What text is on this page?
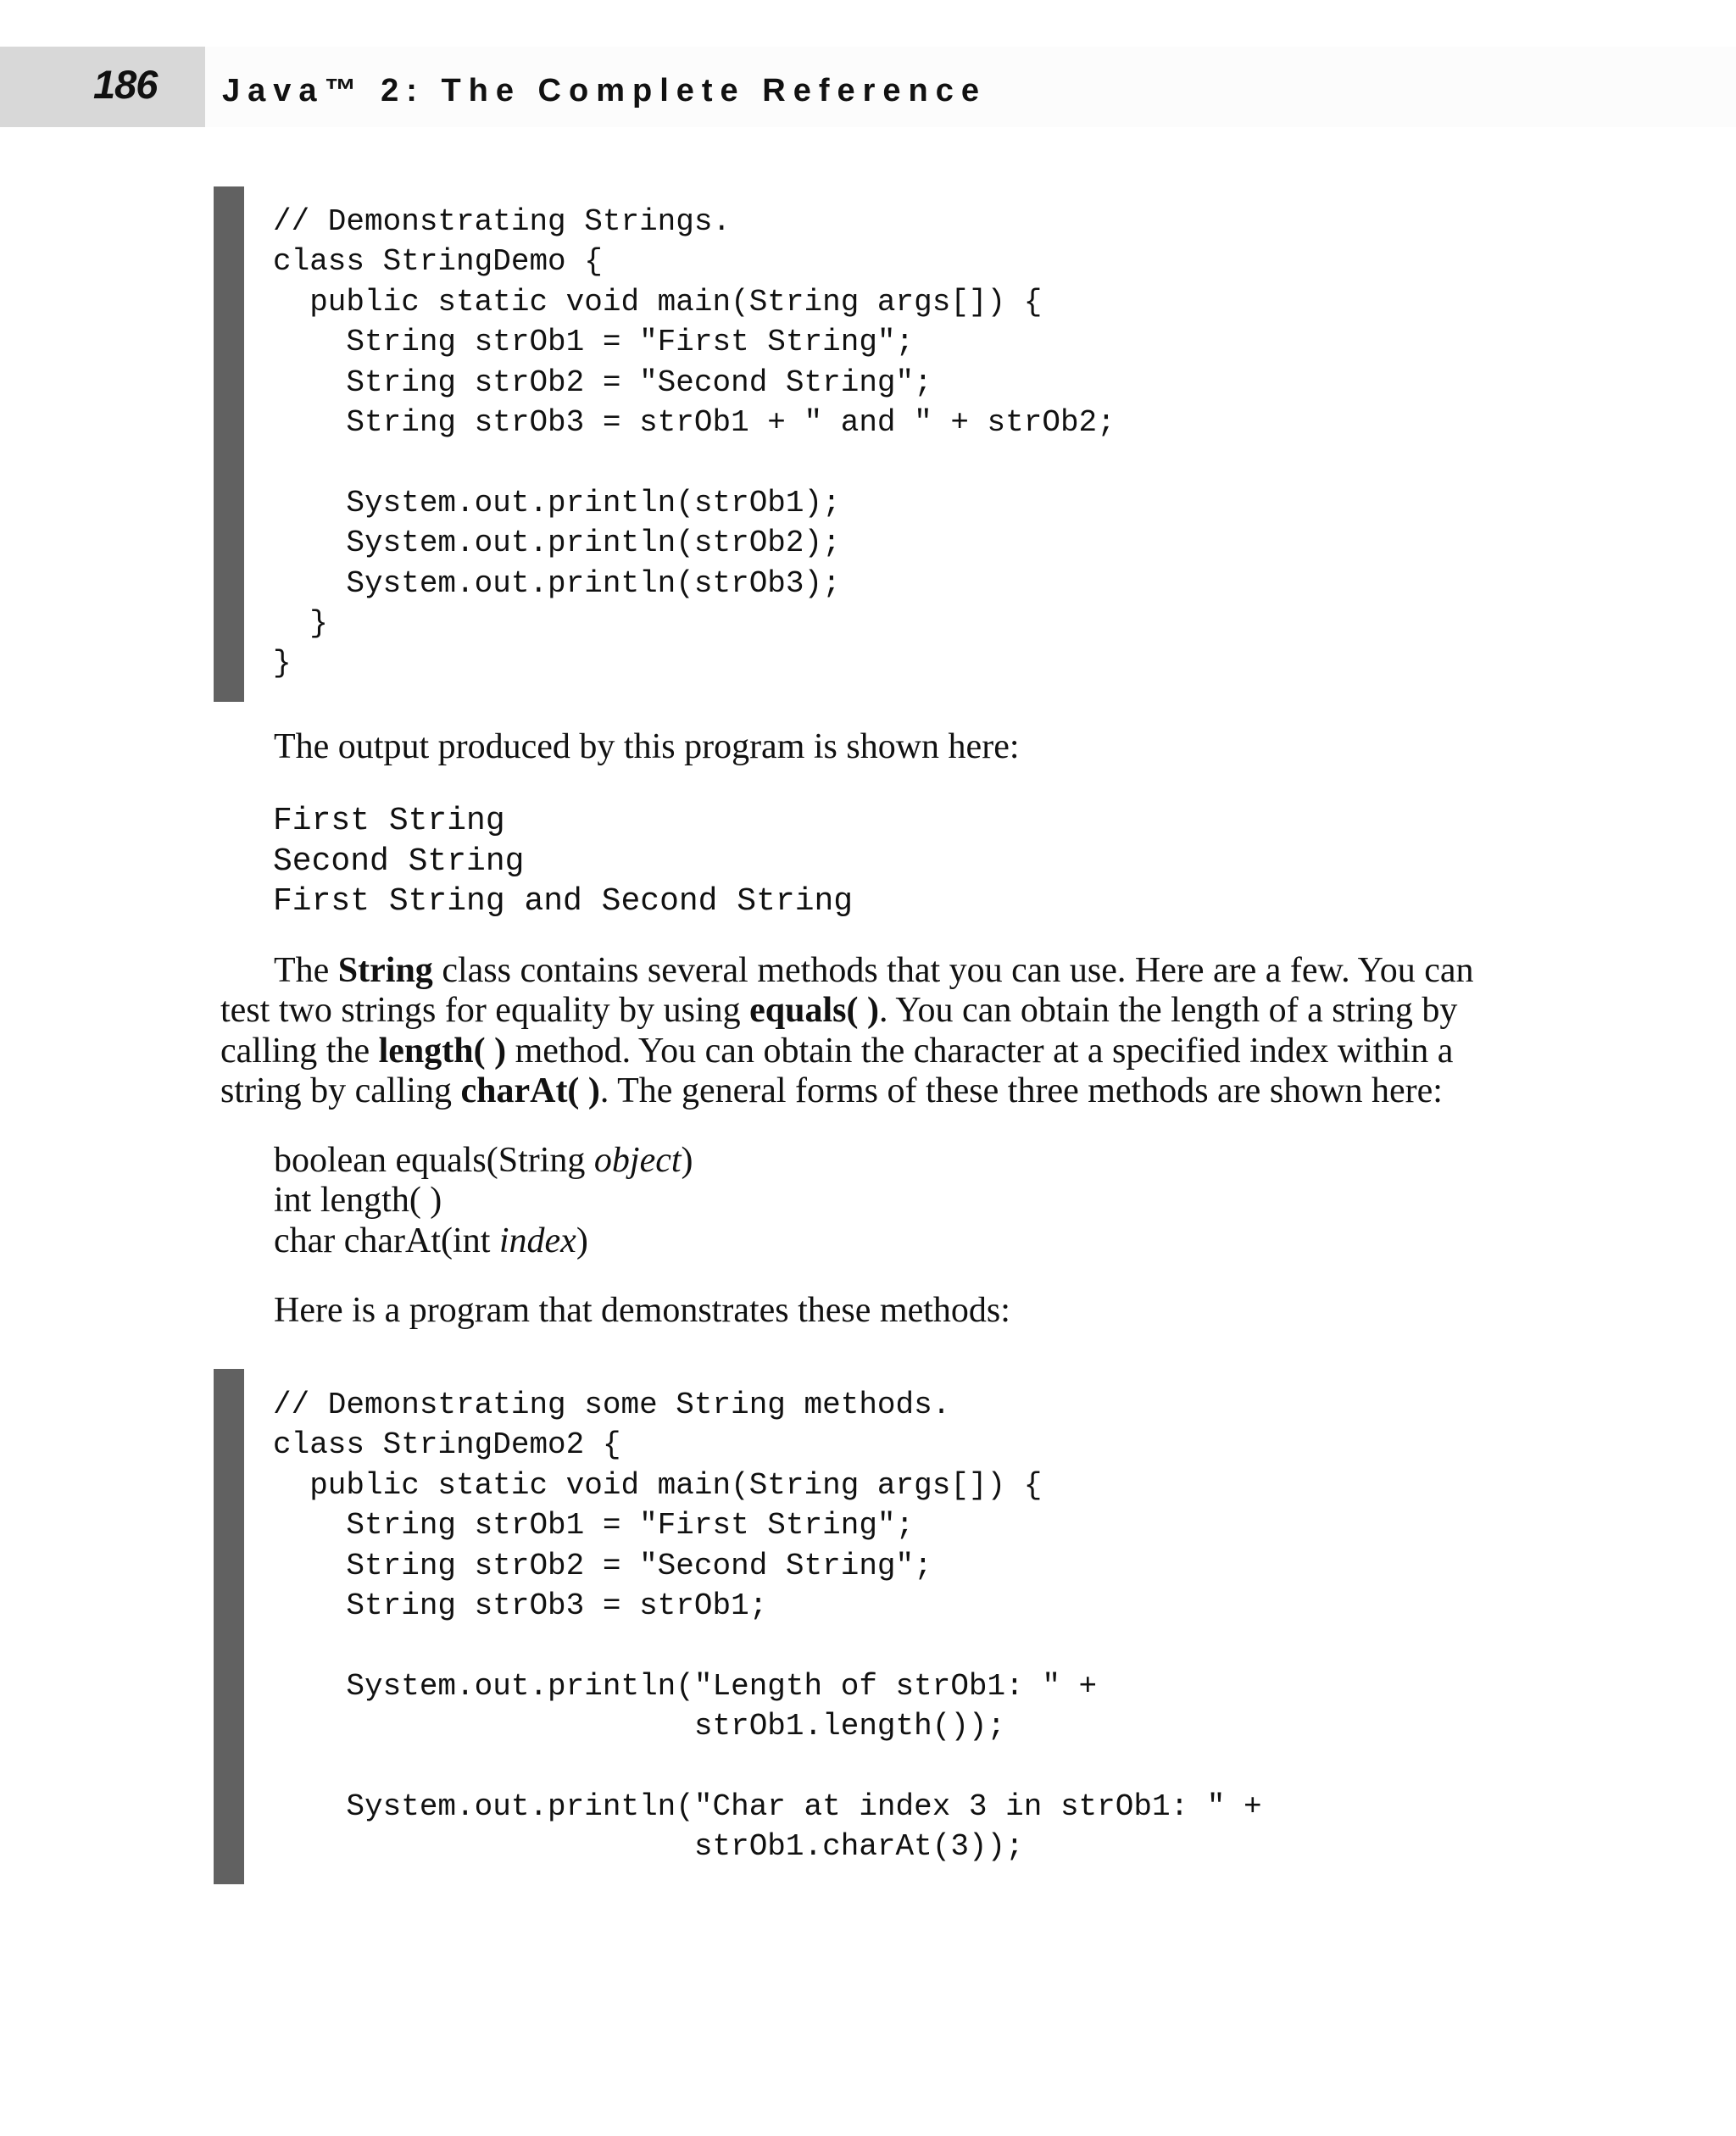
186 Java™ 2: The Complete Reference
// Demonstrating Strings.
class StringDemo {
public static void main(String args[]) {
String strOb1 = "First String";
String strOb2 = "Second String";
String strOb3 = strOb1 + " and " + strOb2;

System.out.println(strOb1);
System.out.println(strOb2);
System.out.println(strOb3);
}
}
The output produced by this program is shown here:
First String
Second String
First String and Second String

The String class contains several methods that you can use. Here are a few. You can test two strings for equality by using equals( ). You can obtain the length of a string by calling the length( ) method. You can obtain the character at a specified index within a string by calling charAt( ). The general forms of these three methods are shown here:

boolean equals(String object)
int length( )
char charAt(int index)
Here is a program that demonstrates these methods:
// Demonstrating some String methods.
class StringDemo2 {
public static void main(String args[]) {
String strOb1 = "First String";
String strOb2 = "Second String";
String strOb3 = strOb1;

System.out.println("Length of strOb1: " +
strOb1.length());

System.out.println("Char at index 3 in strOb1: " +
strOb1.charAt(3));
